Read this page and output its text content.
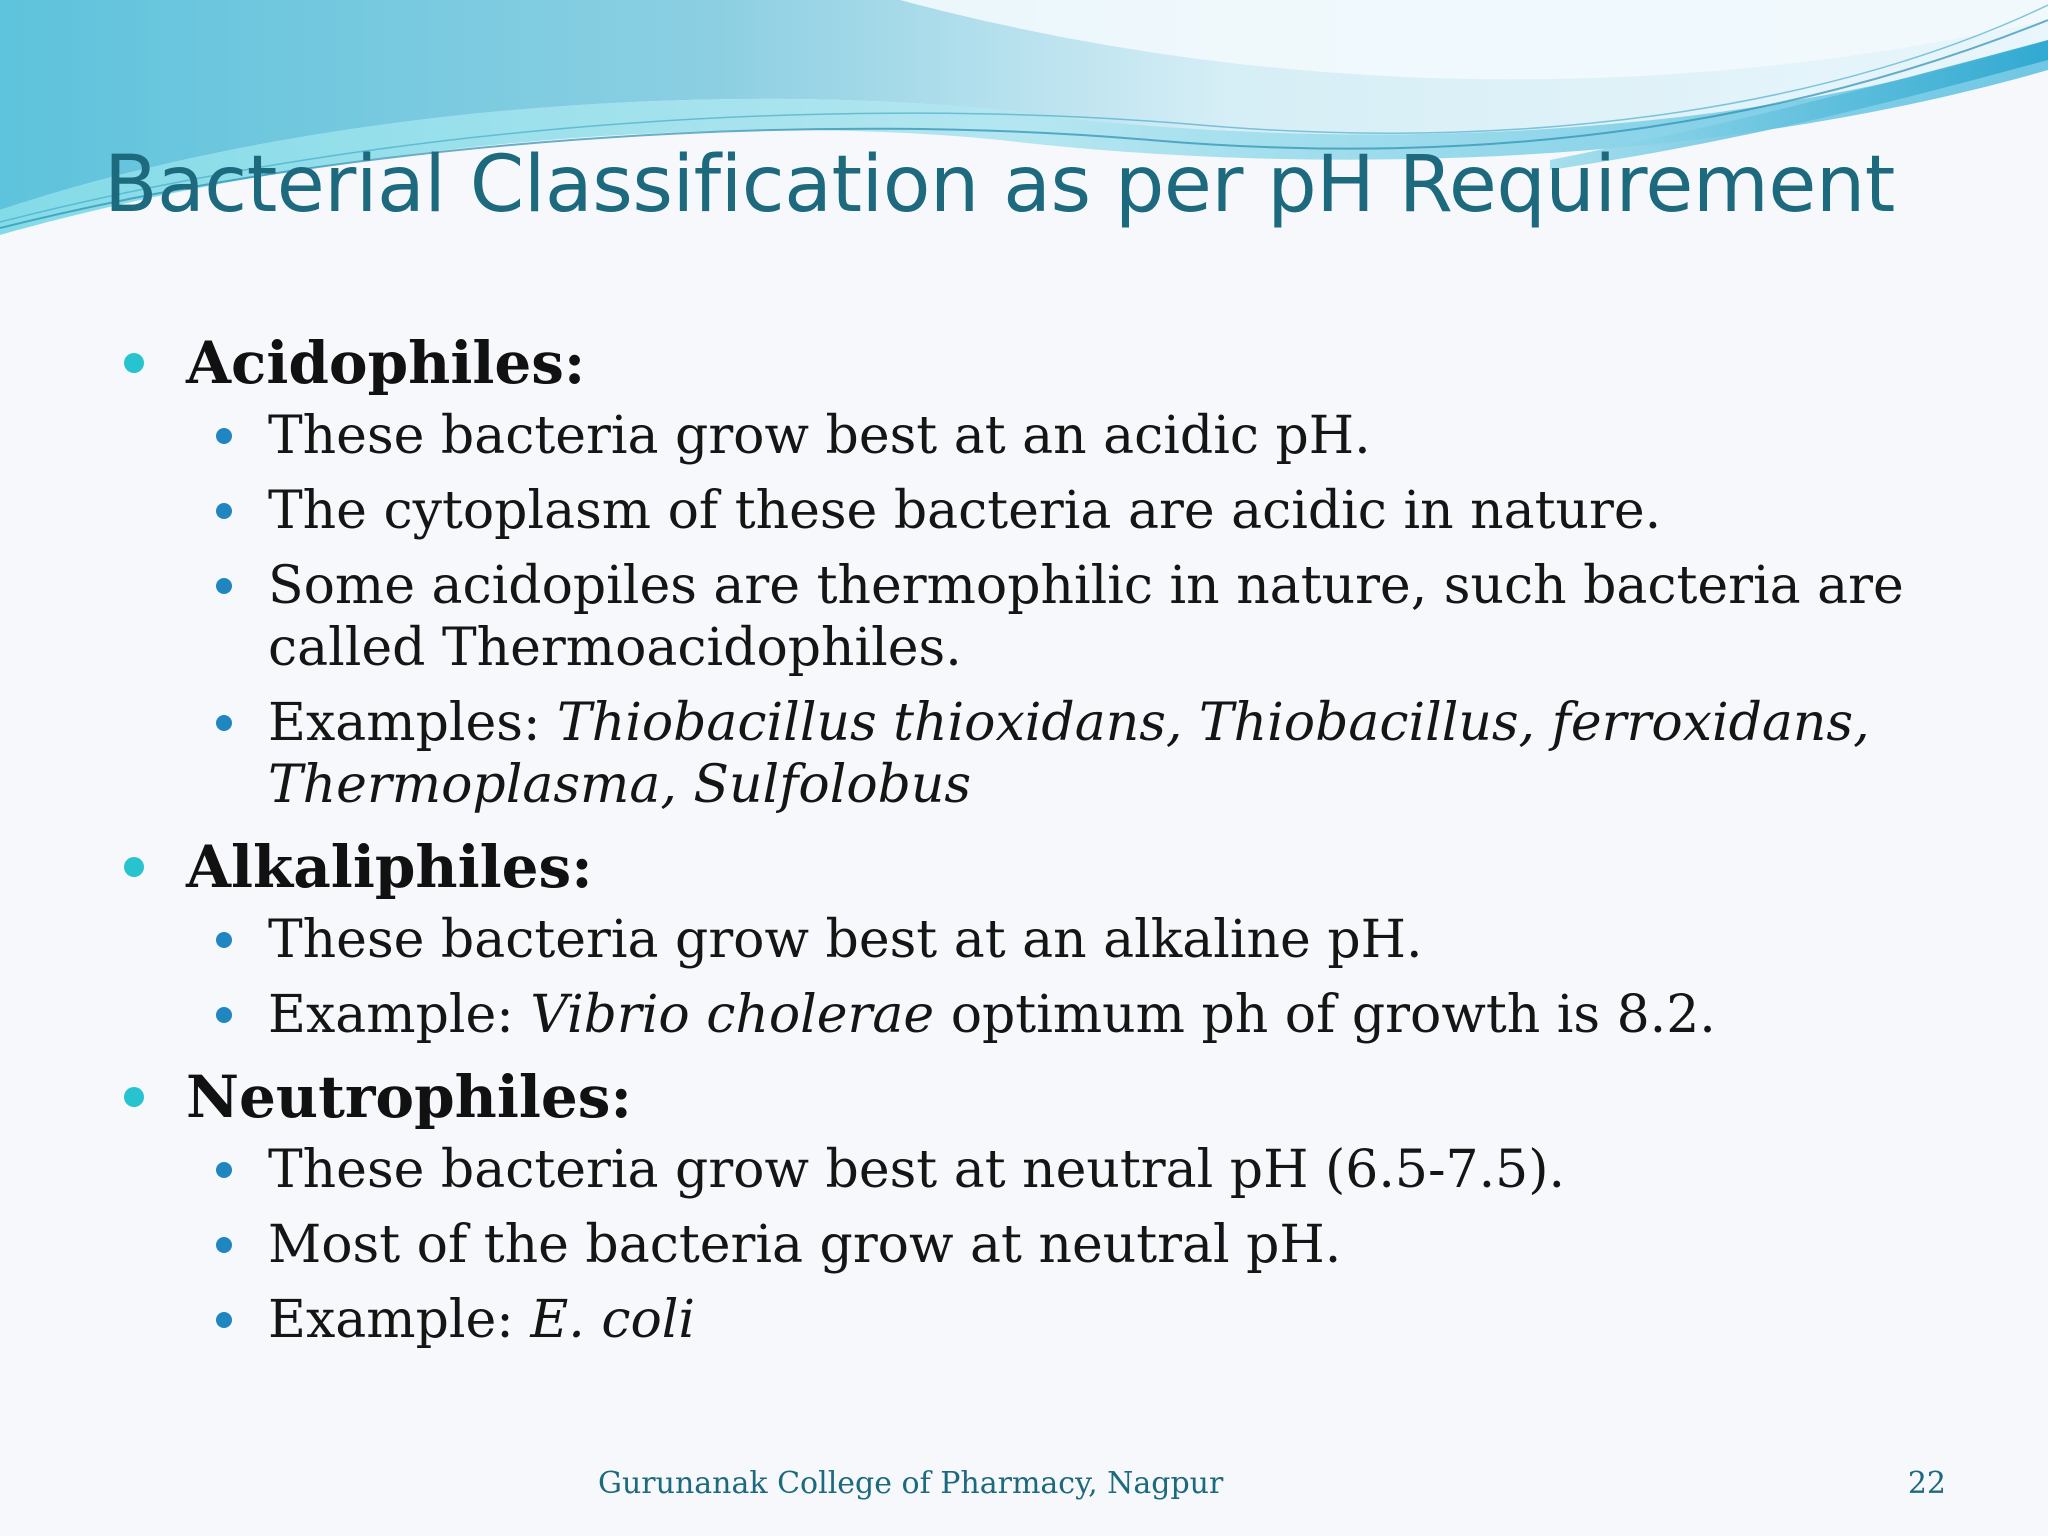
Bacterial Classification as per pH Requirement
Acidophiles:
These bacteria grow best at an acidic pH.
The cytoplasm of these bacteria are acidic in nature.
Some acidopiles are thermophilic in nature, such bacteria are called Thermoacidophiles.
Examples: Thiobacillus thioxidans, Thiobacillus, ferroxidans, Thermoplasma, Sulfolobus
Alkaliphiles:
These bacteria grow best at an alkaline pH.
Example: Vibrio cholerae optimum ph of growth is 8.2.
Neutrophiles:
These bacteria grow best at neutral pH (6.5-7.5).
Most of the bacteria grow at neutral pH.
Example: E. coli
Gurunanak College of Pharmacy, Nagpur	22
